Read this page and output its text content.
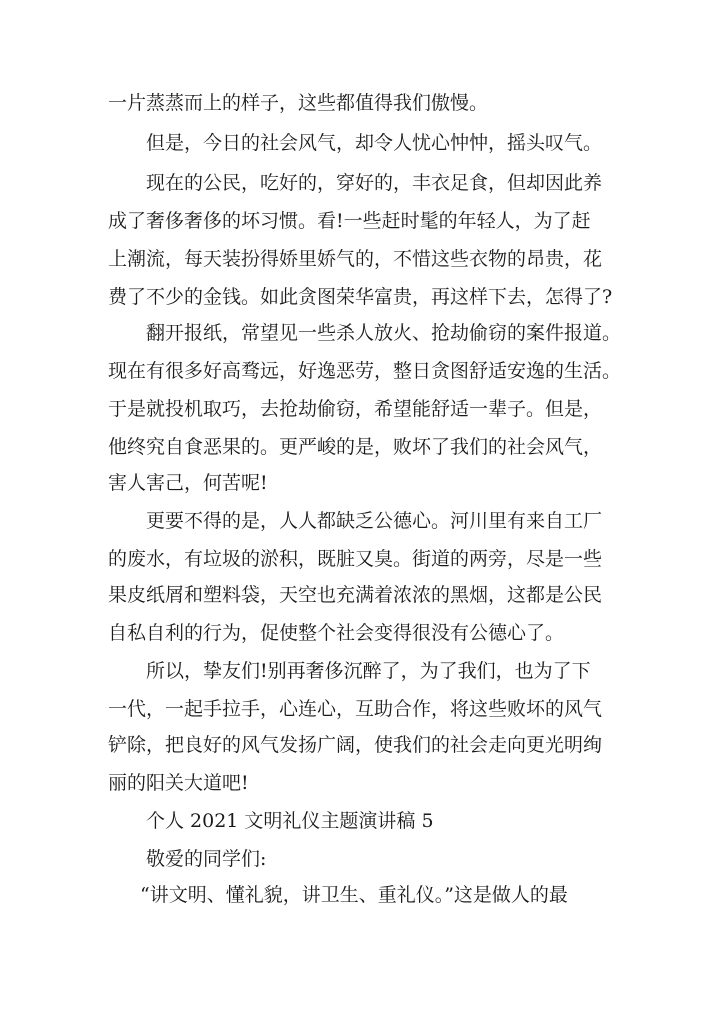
一片蒸蒸而上的样子，这些都值得我们傲慢。
但是，今日的社会风气，却令人忧心忡忡，摇头叹气。
现在的公民，吃好的，穿好的，丰衣足食，但却因此养
成了奢侈奢侈的坏习惯。看!一些赶时髦的年轻人，为了赶
上潮流，每天装扮得娇里娇气的，不惜这些衣物的昂贵，花
费了不少的金钱。如此贪图荣华富贵，再这样下去，怎得了?
翻开报纸，常望见一些杀人放火、抢劫偷窃的案件报道。
现在有很多好高骛远，好逸恶劳，整日贪图舒适安逸的生活。
于是就投机取巧，去抢劫偷窃，希望能舒适一辈子。但是，
他终究自食恶果的。更严峻的是，败坏了我们的社会风气，
害人害己，何苦呢!
更要不得的是，人人都缺乏公德心。河川里有来自工厂
的废水，有垃圾的淤积，既脏又臭。街道的两旁，尽是一些
果皮纸屑和塑料袋，天空也充满着浓浓的黑烟，这都是公民
自私自利的行为，促使整个社会变得很没有公德心了。
所以，挚友们!别再奢侈沉醉了，为了我们，也为了下
一代，一起手拉手，心连心，互助合作，将这些败坏的风气
铲除，把良好的风气发扬广阔，使我们的社会走向更光明绚
丽的阳关大道吧!
个人 2021 文明礼仪主题演讲稿 5
敬爱的同学们:
“讲文明、懂礼貌，讲卫生、重礼仪。”这是做人的最
